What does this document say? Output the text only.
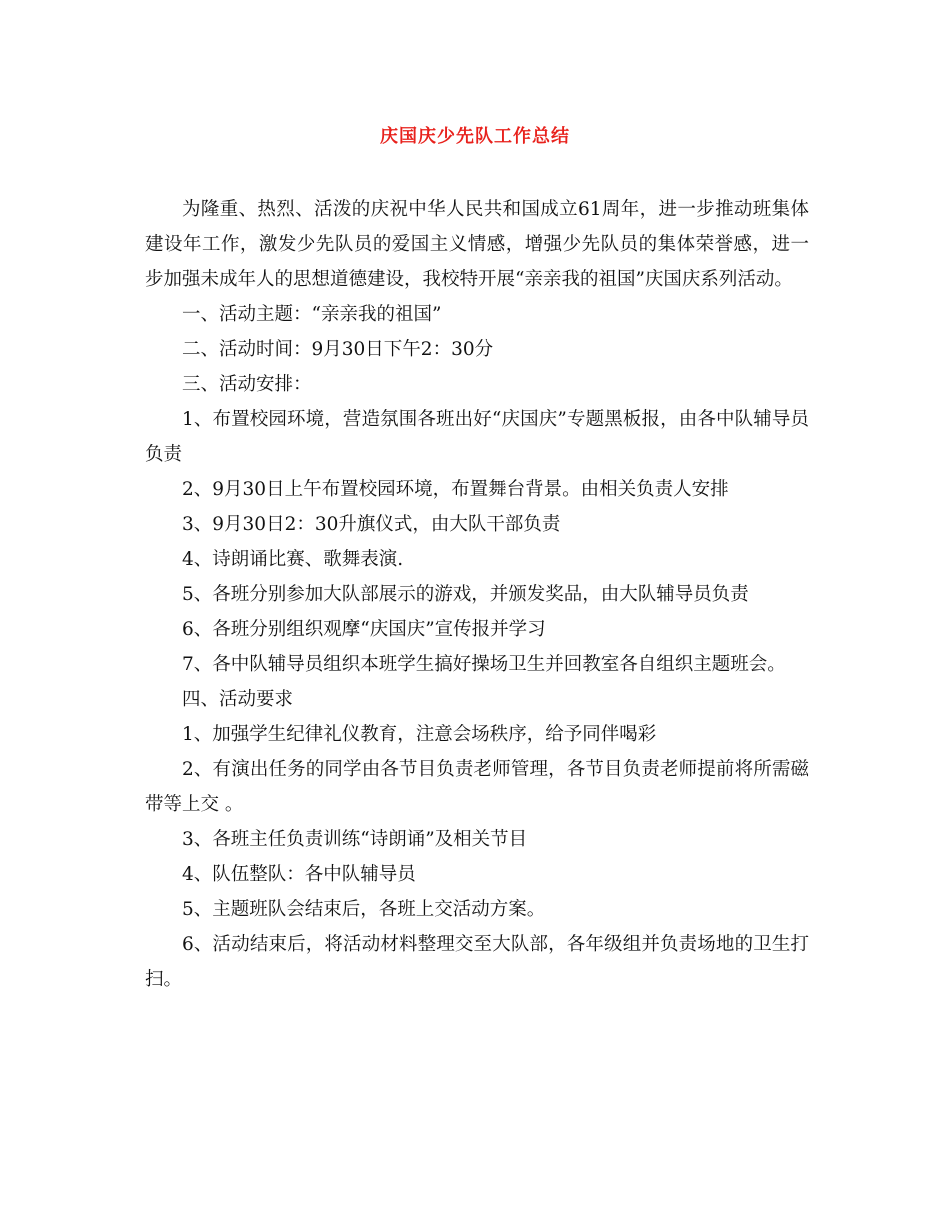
庆国庆少先队工作总结

为隆重、热烈、活泼的庆祝中华人民共和国成立61周年，进一步推动班集体建设年工作，激发少先队员的爱国主义情感，增强少先队员的集体荣誉感，进一步加强未成年人的思想道德建设，我校特开展“亲亲我的祖国”庆国庆系列活动。

一、活动主题：“亲亲我的祖国”

二、活动时间：9月30日下午2：30分

三、活动安排：

1、布置校园环境，营造氛围各班出好“庆国庆”专题黑板报，由各中队辅导员负责

2、9月30日上午布置校园环境，布置舞台背景。由相关负责人安排

3、9月30日2：30升旗仪式，由大队干部负责

4、诗朗诵比赛、歌舞表演.

5、各班分别参加大队部展示的游戏，并颁发奖品，由大队辅导员负责

6、各班分别组织观摩“庆国庆”宣传报并学习

7、各中队辅导员组织本班学生搞好操场卫生并回教室各自组织主题班会。

四、活动要求

1、加强学生纪律礼仪教育，注意会场秩序，给予同伴喝彩

2、有演出任务的同学由各节目负责老师管理，各节目负责老师提前将所需磁带等上交 。

3、各班主任负责训练“诗朗诵”及相关节目

4、队伍整队：各中队辅导员

5、主题班队会结束后，各班上交活动方案。

6、活动结束后，将活动材料整理交至大队部，各年级组并负责场地的卫生打扫。
